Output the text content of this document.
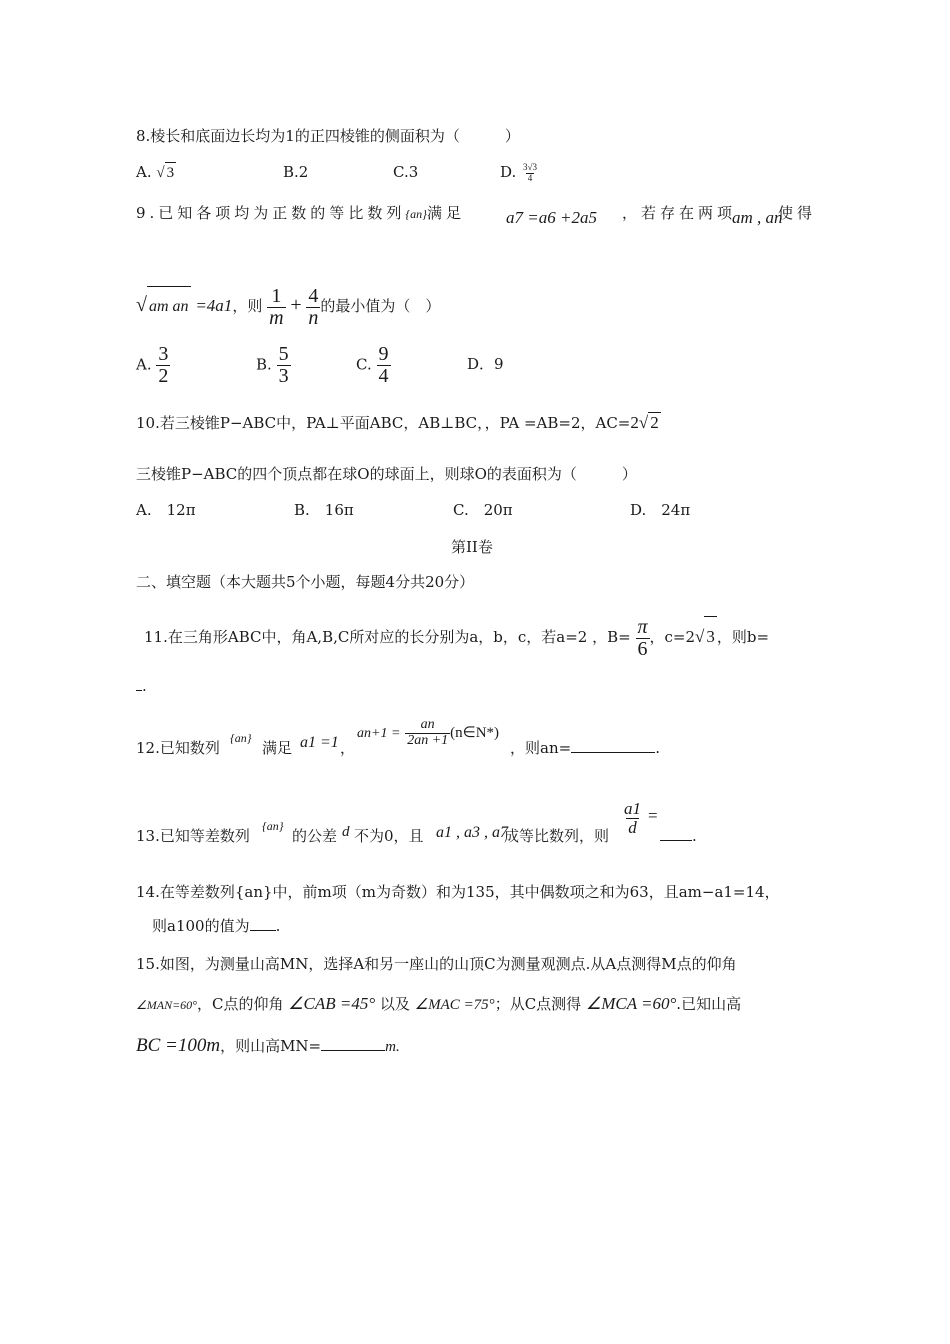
8.棱长和底面边长均为1的正四棱锥的侧面积为（　　　）
A. √ 3	B.2	C.3	D. $\frac{3√3}{4}$
9.已知各项均为正数的等比数列{an}满足 a7 =a6 +2a5 ，若存在两项
am , an
使得
√ am an =4a1，则 $\frac{1}{m} + \frac{4}{n}$ 的最小值为（　）
A. $\frac{3}{2}$	B. $\frac{5}{3}$	C. $\frac{9}{4}$	D．9
10.若三棱锥P−ABC中，PA⊥平面ABC，AB⊥BC，，PA =AB=2，AC=2√ 2
三棱锥P−ABC的四个顶点都在球O的球面上，则球O的表面积为（　　　）
A.　12π	B.　16π	C.　20π	D.　24π
第II卷
二、填空题（本大题共5个小题，每题4分共20分）
11.在三角形ABC中，角A,B,C所对应的长分别为a，b，c，若a=2 ，$B= \frac{\pi}{6}$ ，c=2√ 3 ，则b=
.
12.已知数列
{an}
满足 a1 =1 ，
$an+1 = \frac{an}{2an +1}$ (n∈N*)
，则an=	.
13.已知等差数列
{an}
的公差 d 不为0，且 a1 , a3 , a7
成等比数列，则 $\frac{a1}{d}$ =
.
14.在等差数列{an}中，前m项（m为奇数）和为135，其中偶数项之和为63，且am−a1=14，
则a100的值为 .
15.如图，为测量山高MN，选择A和另一座山的山顶C为测量观测点.从A点测得M点的仰角
∠MAN=60°，C点的仰角 ∠CAB =45° 以及 ∠MAC =75°；从C点测得 ∠MCA =60°.已知山高
BC =100m，则山高MN=	m.
